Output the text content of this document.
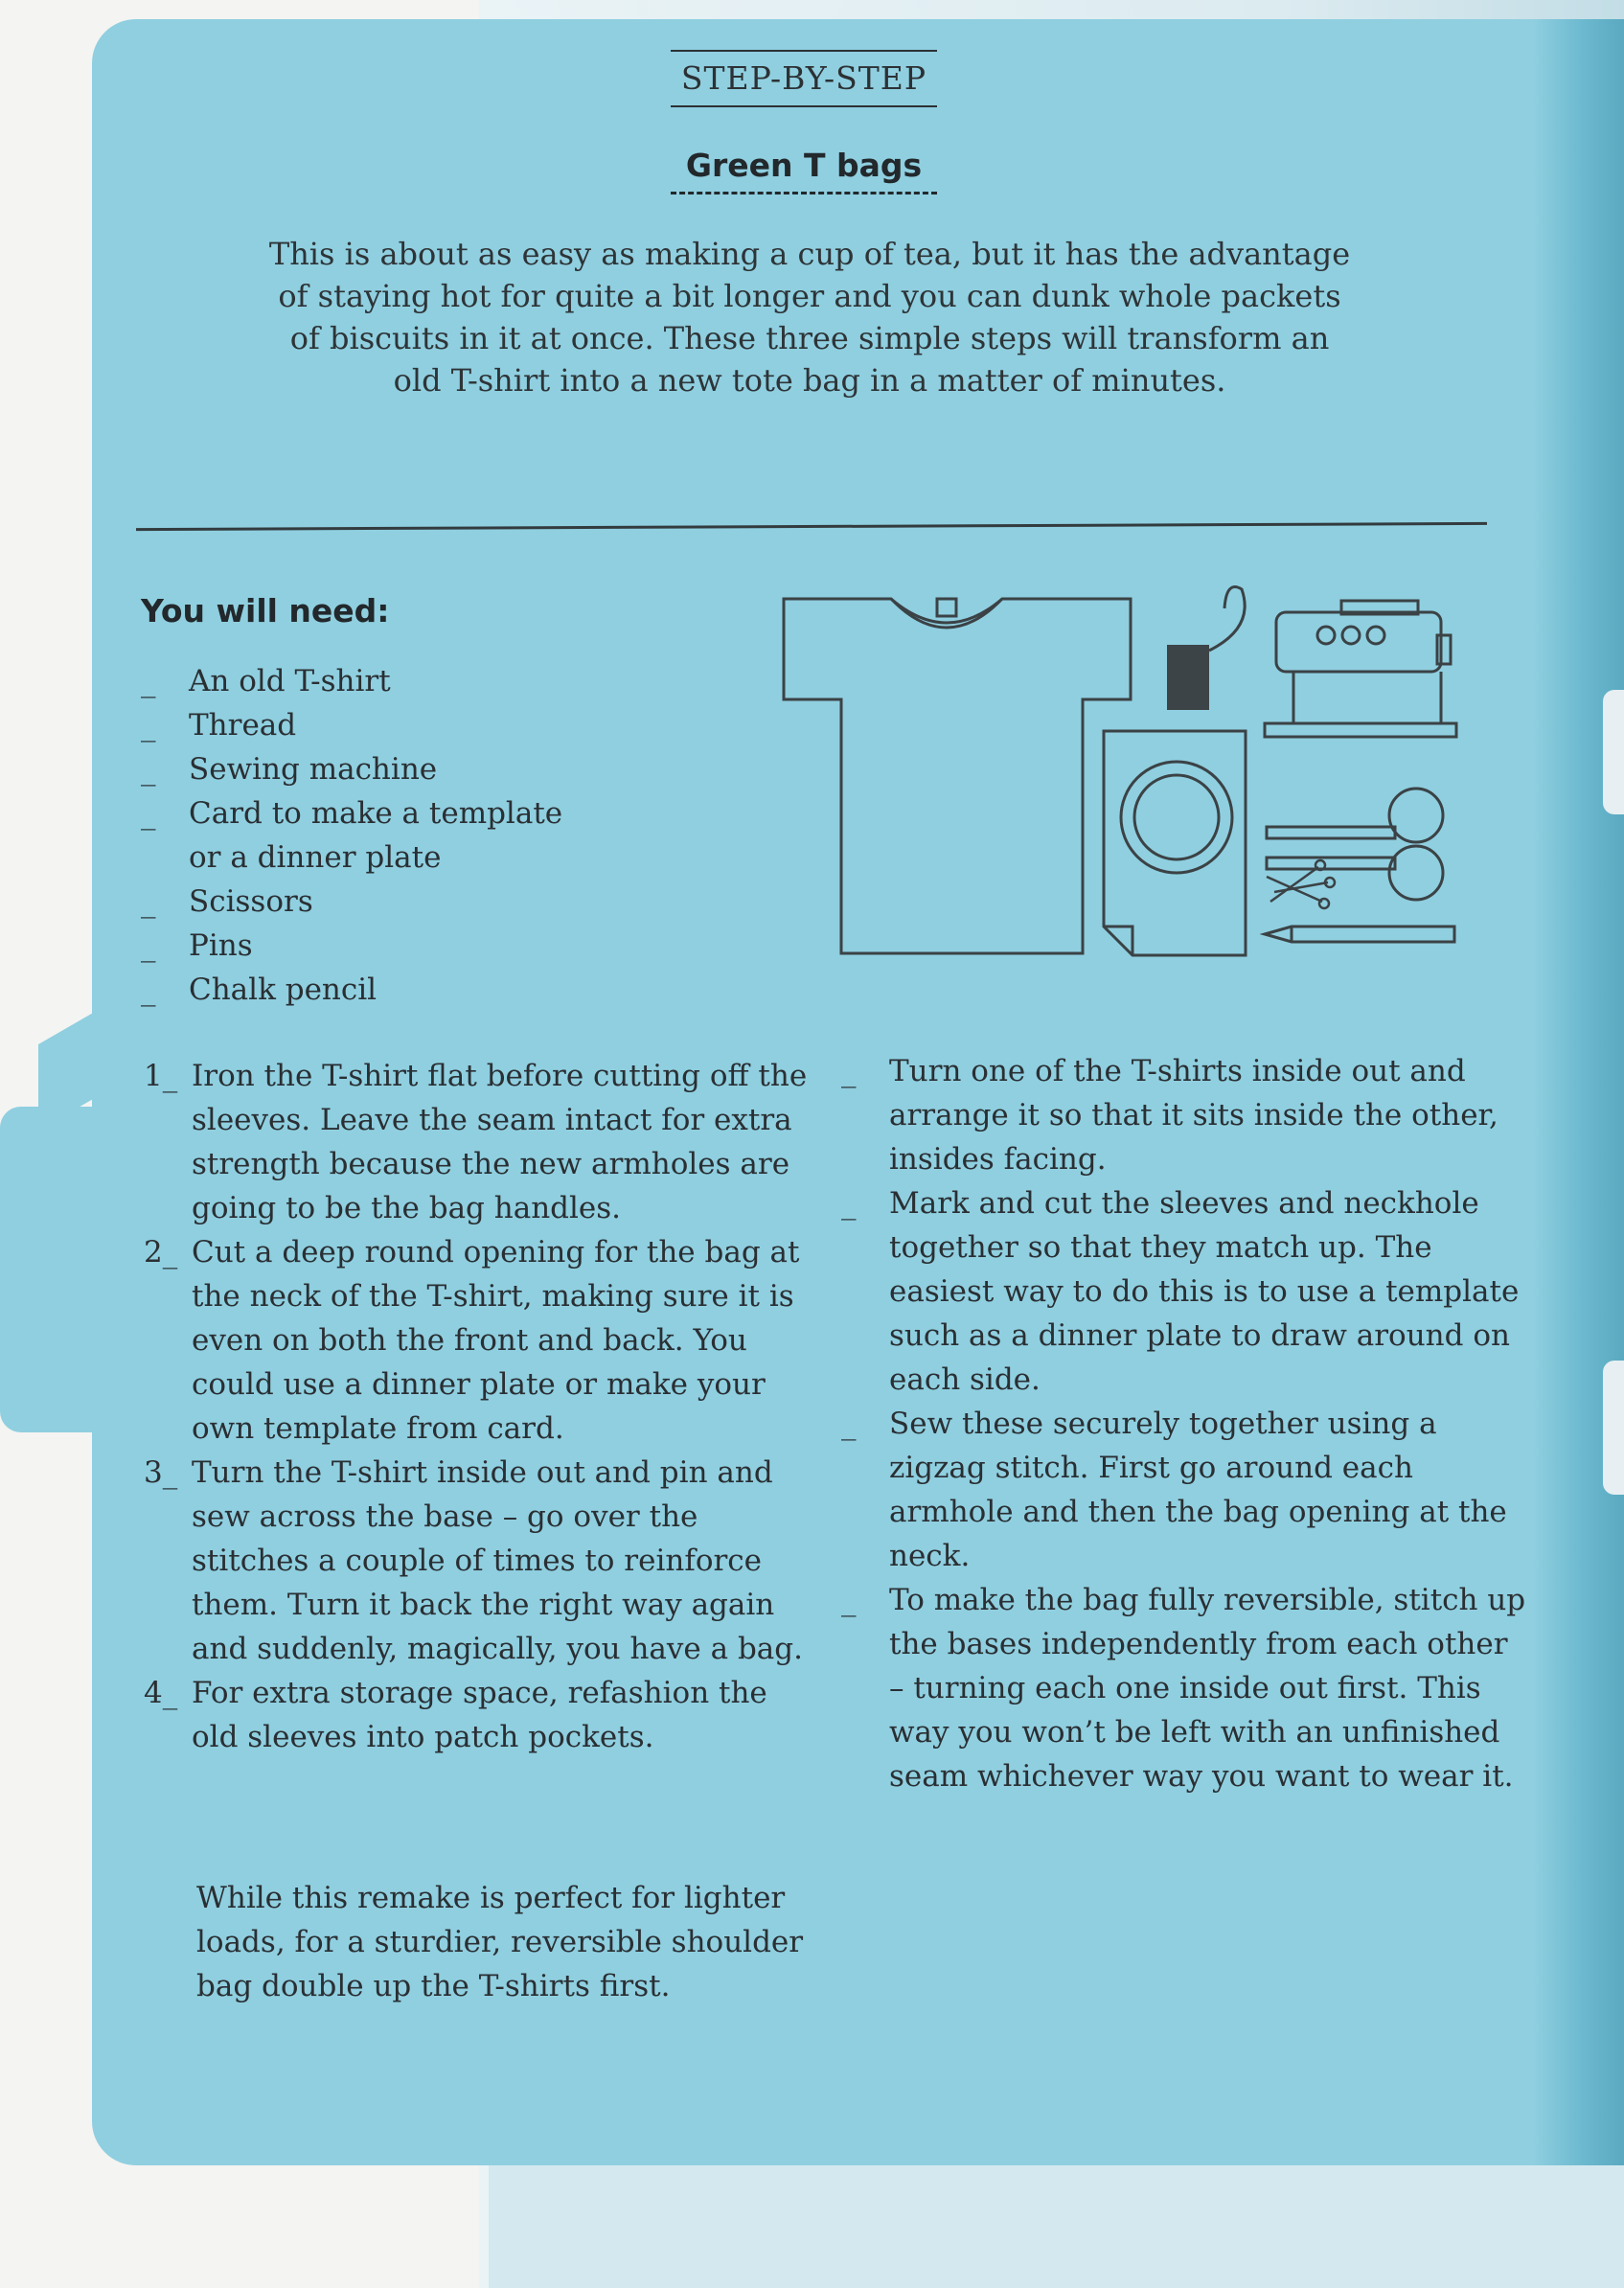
STEP-BY-STEP
Green T bags
This is about as easy as making a cup of tea, but it has the advantage
of staying hot for quite a bit longer and you can dunk whole packets
of biscuits in it at once. These three simple steps will transform an
old T-shirt into a new tote bag in a matter of minutes.
You will need:
_ An old T-shirt
_ Thread
_ Sewing machine
_ Card to make a template
or a dinner plate
_ Scissors
_ Pins
_ Chalk pencil
1_ Iron the T-shirt flat before cutting off the sleeves. Leave the seam intact for extra strength because the new armholes are going to be the bag handles.
2_ Cut a deep round opening for the bag at the neck of the T-shirt, making sure it is even on both the front and back. You could use a dinner plate or make your own template from card.
3_ Turn the T-shirt inside out and pin and sew across the base – go over the stitches a couple of times to reinforce them. Turn it back the right way again and suddenly, magically, you have a bag.
4_ For extra storage space, refashion the old sleeves into patch pockets.

While this remake is perfect for lighter loads, for a sturdier, reversible shoulder bag double up the T-shirts first.

_ Turn one of the T-shirts inside out and arrange it so that it sits inside the other, insides facing.
_ Mark and cut the sleeves and neckhole together so that they match up. The easiest way to do this is to use a template such as a dinner plate to draw around on each side.
_ Sew these securely together using a zigzag stitch. First go around each armhole and then the bag opening at the neck.
_ To make the bag fully reversible, stitch up the bases independently from each other – turning each one inside out first. This way you won’t be left with an unfinished seam whichever way you want to wear it.
